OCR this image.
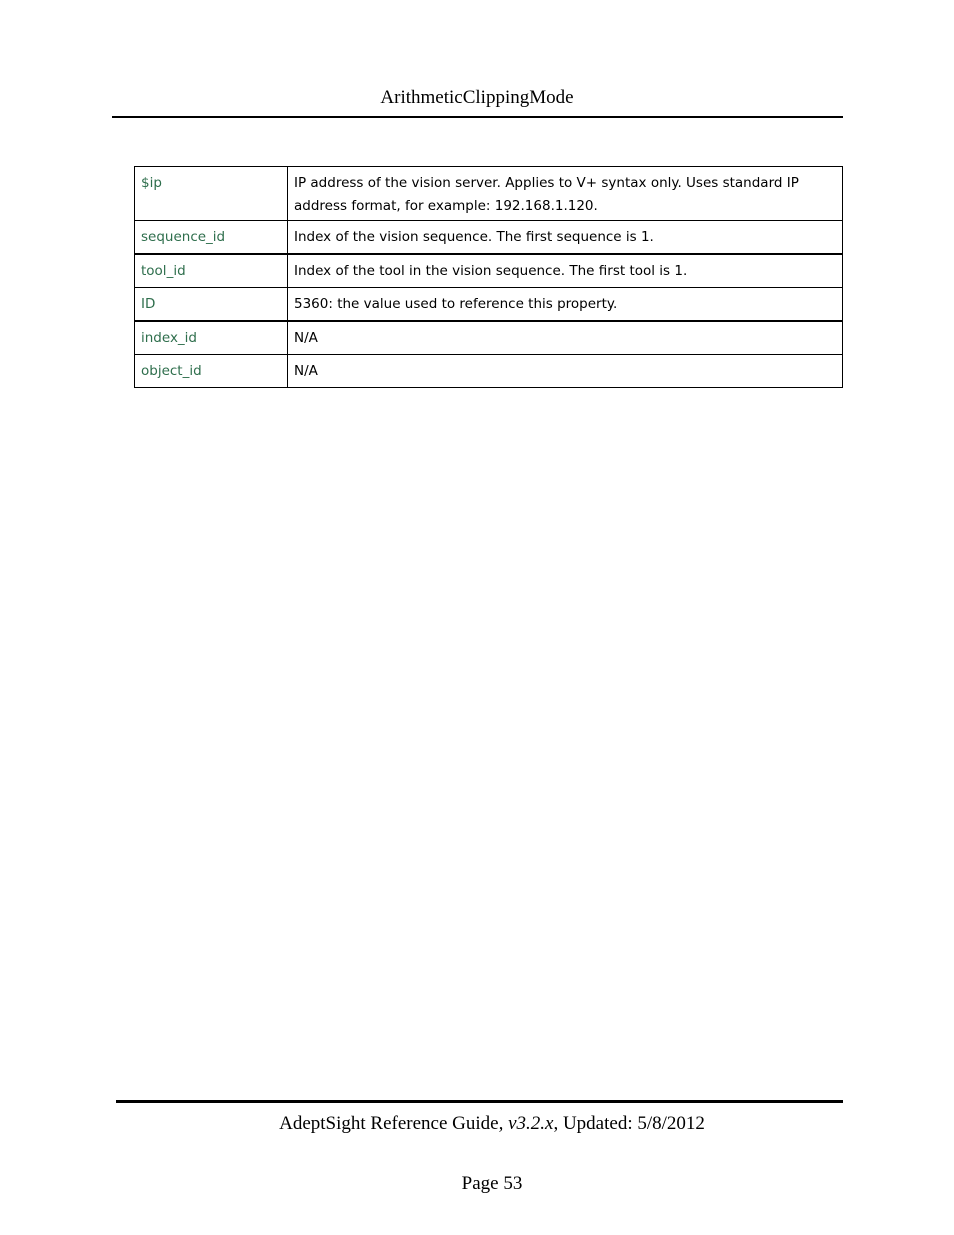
ArithmeticClippingMode
$ip	IP address of the vision server. Applies to V+ syntax only. Uses standard IP address format, for example: 192.168.1.120.
sequence_id	Index of the vision sequence. The first sequence is 1.
tool_id	Index of the tool in the vision sequence. The first tool is 1.
ID	5360: the value used to reference this property.
index_id	N/A
object_id	N/A
AdeptSight Reference Guide, v3.2.x, Updated: 5/8/2012
Page 53
